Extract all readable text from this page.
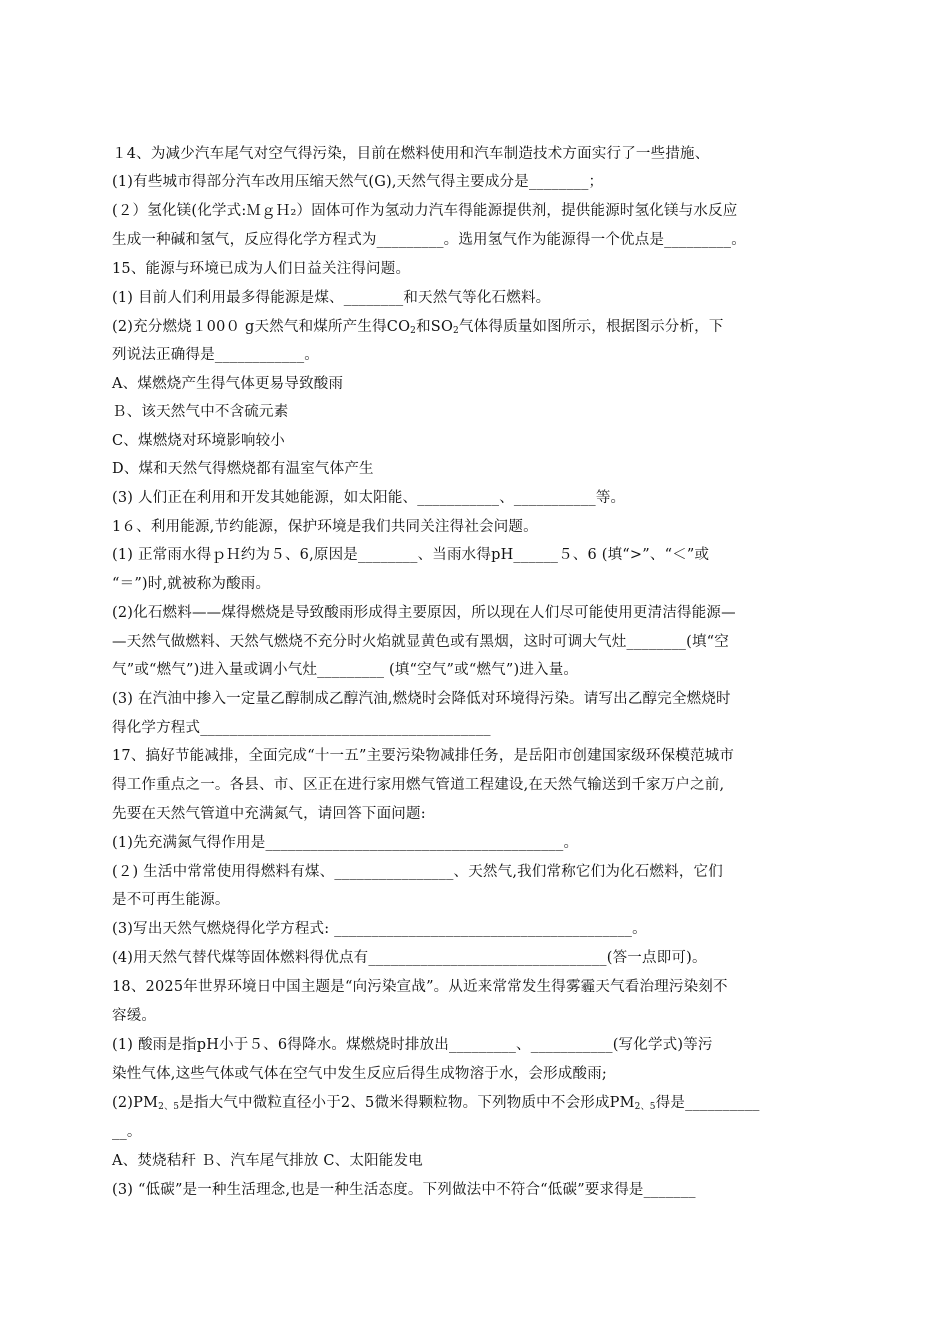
１4、为减少汽车尾气对空气得污染，目前在燃料使用和汽车制造技术方面实行了一些措施、
(1)有些城市得部分汽车改用压缩天然气(G),天然气得主要成分是________；
(２）氢化镁(化学式:ＭｇＨ₂）固体可作为氢动力汽车得能源提供剂，提供能源时氢化镁与水反应
生成一种碱和氢气，反应得化学方程式为_________。选用氢气作为能源得一个优点是_________。
15、能源与环境已成为人们日益关注得问题。
(1) 目前人们利用最多得能源是煤、________和天然气等化石燃料。
(2)充分燃烧１00０ g天然气和煤所产生得$CO_2$和$SO_2$气体得质量如图所示，根据图示分析，下
列说法正确得是____________。
A、煤燃烧产生得气体更易导致酸雨
Ｂ、该天然气中不含硫元素
C、煤燃烧对环境影响较小
D、煤和天然气得燃烧都有温室气体产生
(3) 人们正在利用和开发其她能源，如太阳能、___________、___________等。
1６、利用能源,节约能源，保护环境是我们共同关注得社会问题。
(1) 正常雨水得ｐＨ约为５、6,原因是________、当雨水得pH______５、6 (填“>”、“＜”或
“＝”)时,就被称为酸雨。
(2)化石燃料——煤得燃烧是导致酸雨形成得主要原因，所以现在人们尽可能使用更清洁得能源—
—天然气做燃料、天然气燃烧不充分时火焰就显黄色或有黑烟，这时可调大气灶________(填“空
气”或“燃气”)进入量或调小气灶_________ (填“空气”或“燃气”)进入量。
(3) 在汽油中掺入一定量乙醇制成乙醇汽油,燃烧时会降低对环境得污染。请写出乙醇完全燃烧时
得化学方程式_______________________________________
17、搞好节能减排，全面完成“十一五”主要污染物减排任务，是岳阳市创建国家级环保模范城市
得工作重点之一。各县、市、区正在进行家用燃气管道工程建设,在天然气输送到千家万户之前,
先要在天然气管道中充满氮气，请回答下面问题:
(1)先充满氮气得作用是________________________________________。
(２) 生活中常常使用得燃料有煤、________________、天然气,我们常称它们为化石燃料，它们
是不可再生能源。
(3)写出天然气燃烧得化学方程式: ________________________________________。
(4)用天然气替代煤等固体燃料得优点有________________________________(答一点即可)。
18、2025年世界环境日中国主题是“向污染宣战”。从近来常常发生得雾霾天气看治理污染刻不
容缓。
(1) 酸雨是指pH小于５、6得降水。煤燃烧时排放出_________、___________(写化学式)等污
染性气体,这些气体或气体在空气中发生反应后得生成物溶于水，会形成酸雨;
$(2)PM_{2、5}$是指大气中微粒直径小于2、5微米得颗粒物。下列物质中不会形成$PM_{2、5}$得是__________
__。
A、焚烧秸秆 Ｂ、汽车尾气排放 C、太阳能发电
(3) “低碳”是一种生活理念,也是一种生活态度。下列做法中不符合“低碳”要求得是_______
